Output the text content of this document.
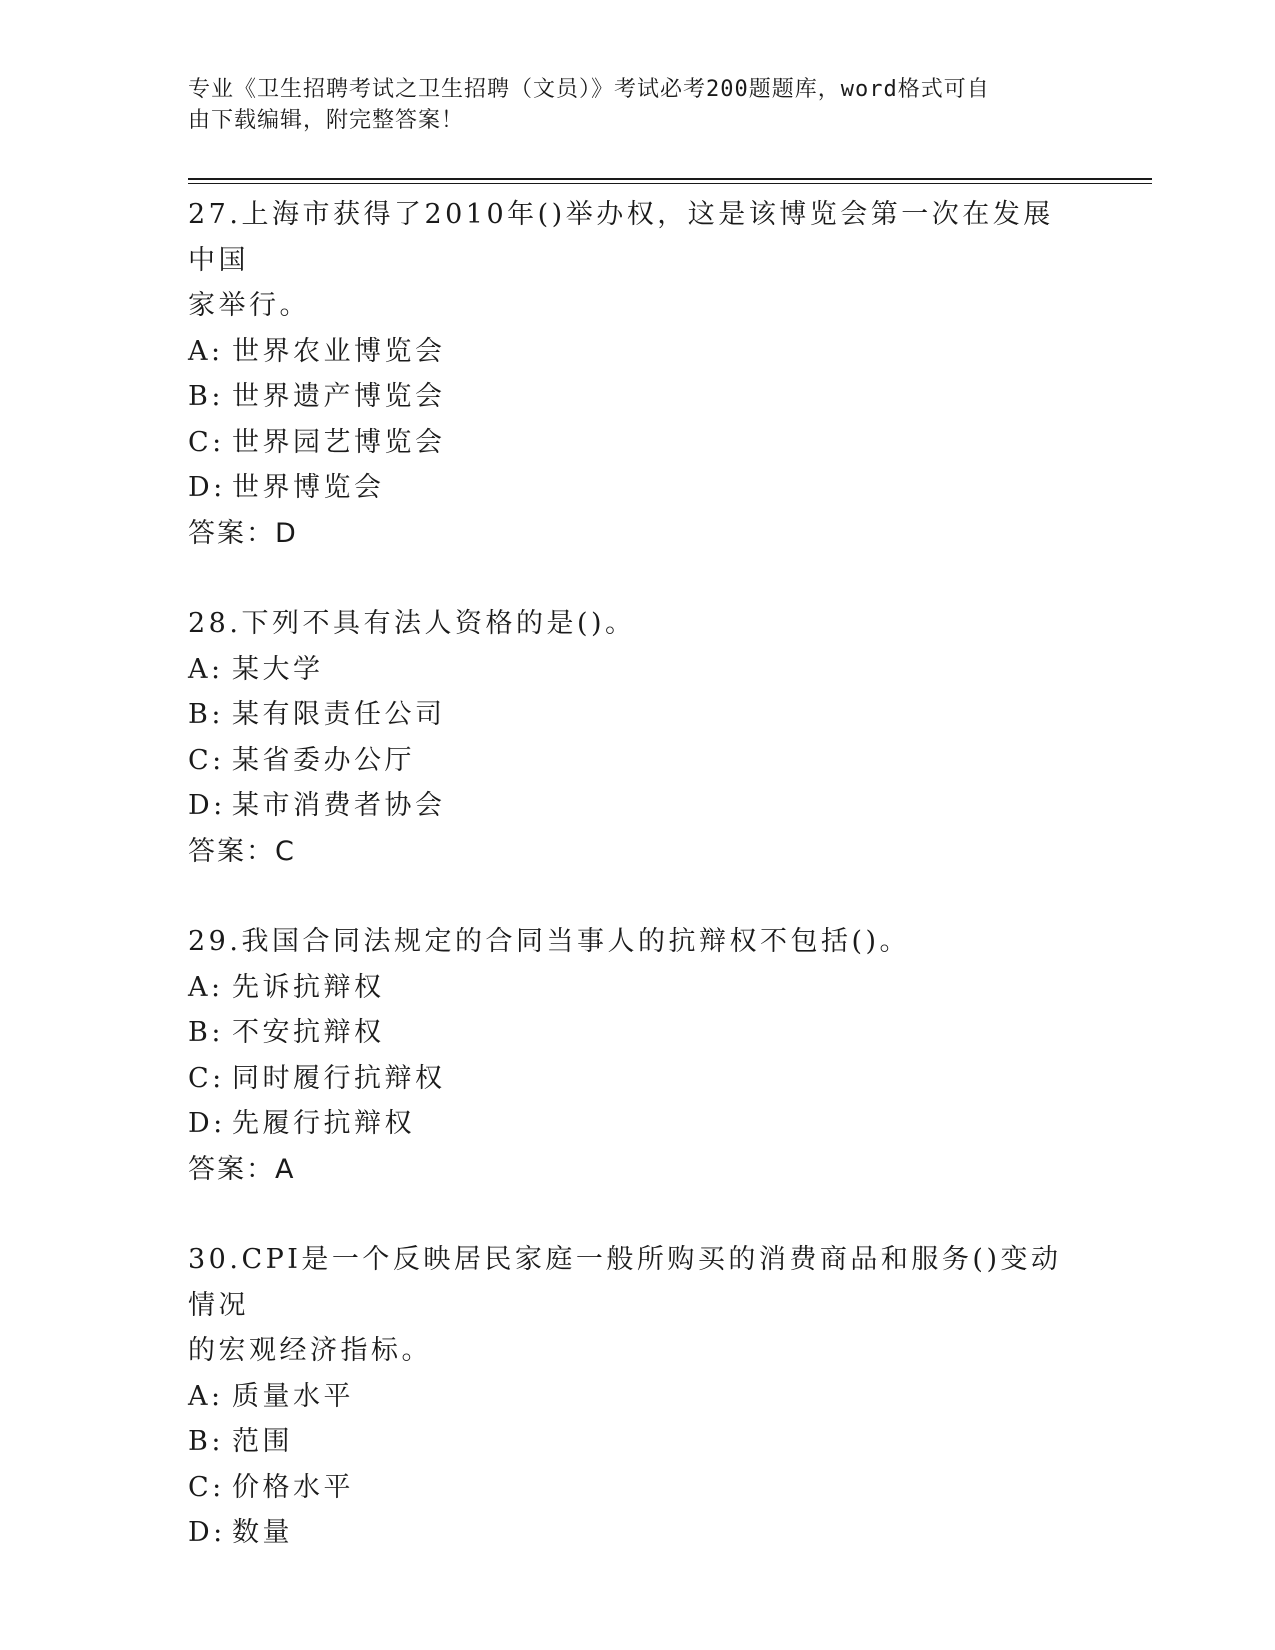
专业《卫生招聘考试之卫生招聘（文员）》考试必考200题题库，word格式可自
由下载编辑，附完整答案！

27.上海市获得了2010年()举办权，这是该博览会第一次在发展中国

家举行。

A: 世界农业博览会
B: 世界遗产博览会
C: 世界园艺博览会
D: 世界博览会
答案：D

28.下列不具有法人资格的是()。

A: 某大学
B: 某有限责任公司
C: 某省委办公厅
D: 某市消费者协会
答案：C

29.我国合同法规定的合同当事人的抗辩权不包括()。

A: 先诉抗辩权
B: 不安抗辩权
C: 同时履行抗辩权
D: 先履行抗辩权
答案：A

30.CPI是一个反映居民家庭一般所购买的消费商品和服务()变动情况

的宏观经济指标。

A: 质量水平
B: 范围
C: 价格水平
D: 数量
